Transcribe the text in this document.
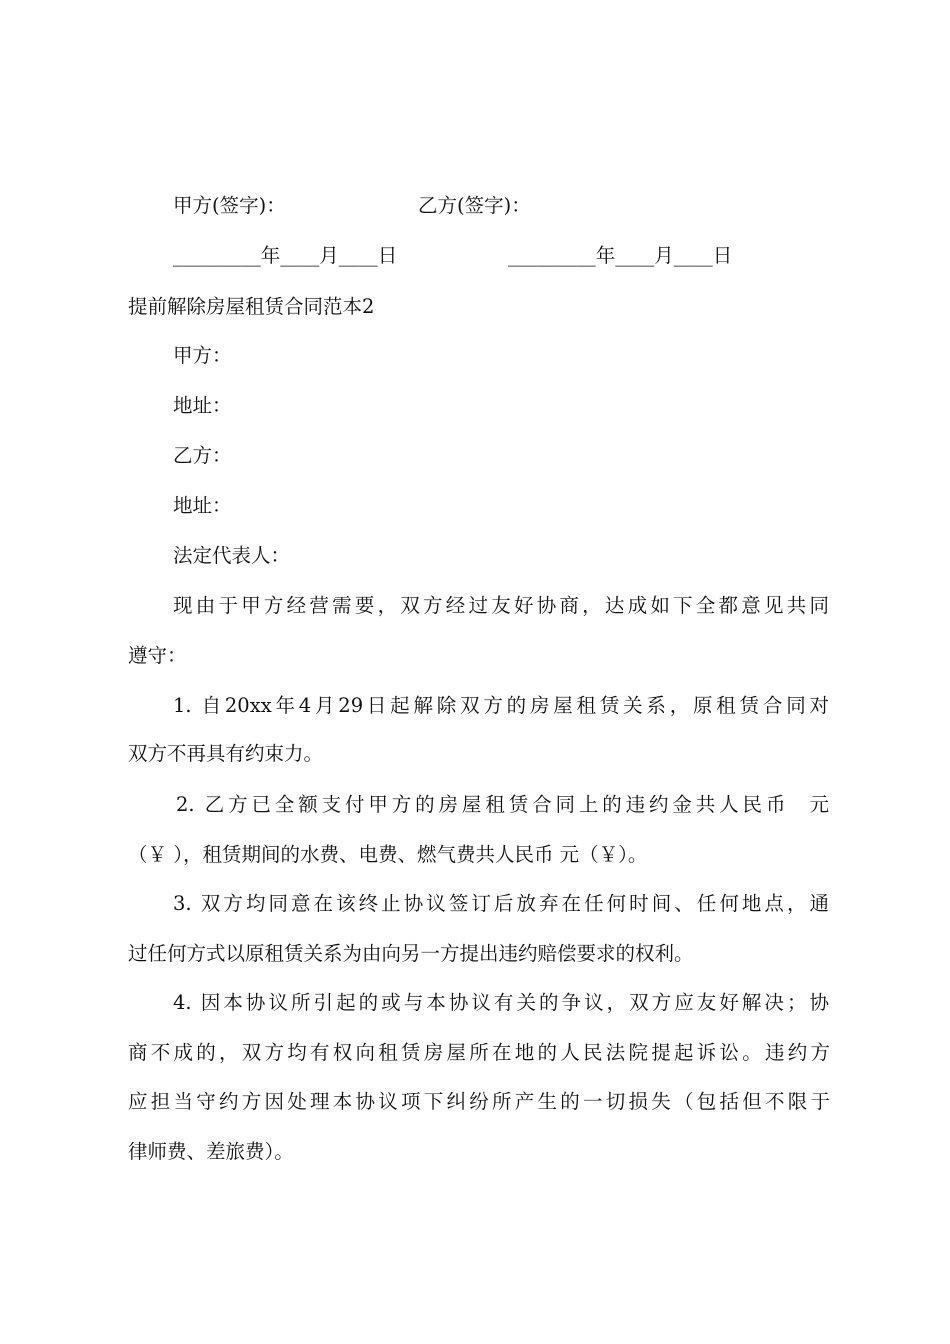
甲方(签字)：	乙方(签字)：
_________年____月____日	_________年____月____日
提前解除房屋租赁合同范本2
甲方：
地址：
乙方：
地址：
法定代表人：
现由于甲方经营需要，双方经过友好协商，达成如下全都意见共同
遵守：
1. 自20xx年4月29日起解除双方的房屋租赁关系，原租赁合同对
双方不再具有约束力。
2. 乙方已全额支付甲方的房屋租赁合同上的违约金共人民币  元
（￥ ），租赁期间的水费、电费、燃气费共人民币 元（￥）。
3. 双方均同意在该终止协议签订后放弃在任何时间、任何地点，通
过任何方式以原租赁关系为由向另一方提出违约赔偿要求的权利。
4. 因本协议所引起的或与本协议有关的争议，双方应友好解决；协
商不成的，双方均有权向租赁房屋所在地的人民法院提起诉讼。违约方
应担当守约方因处理本协议项下纠纷所产生的一切损失（包括但不限于
律师费、差旅费）。
